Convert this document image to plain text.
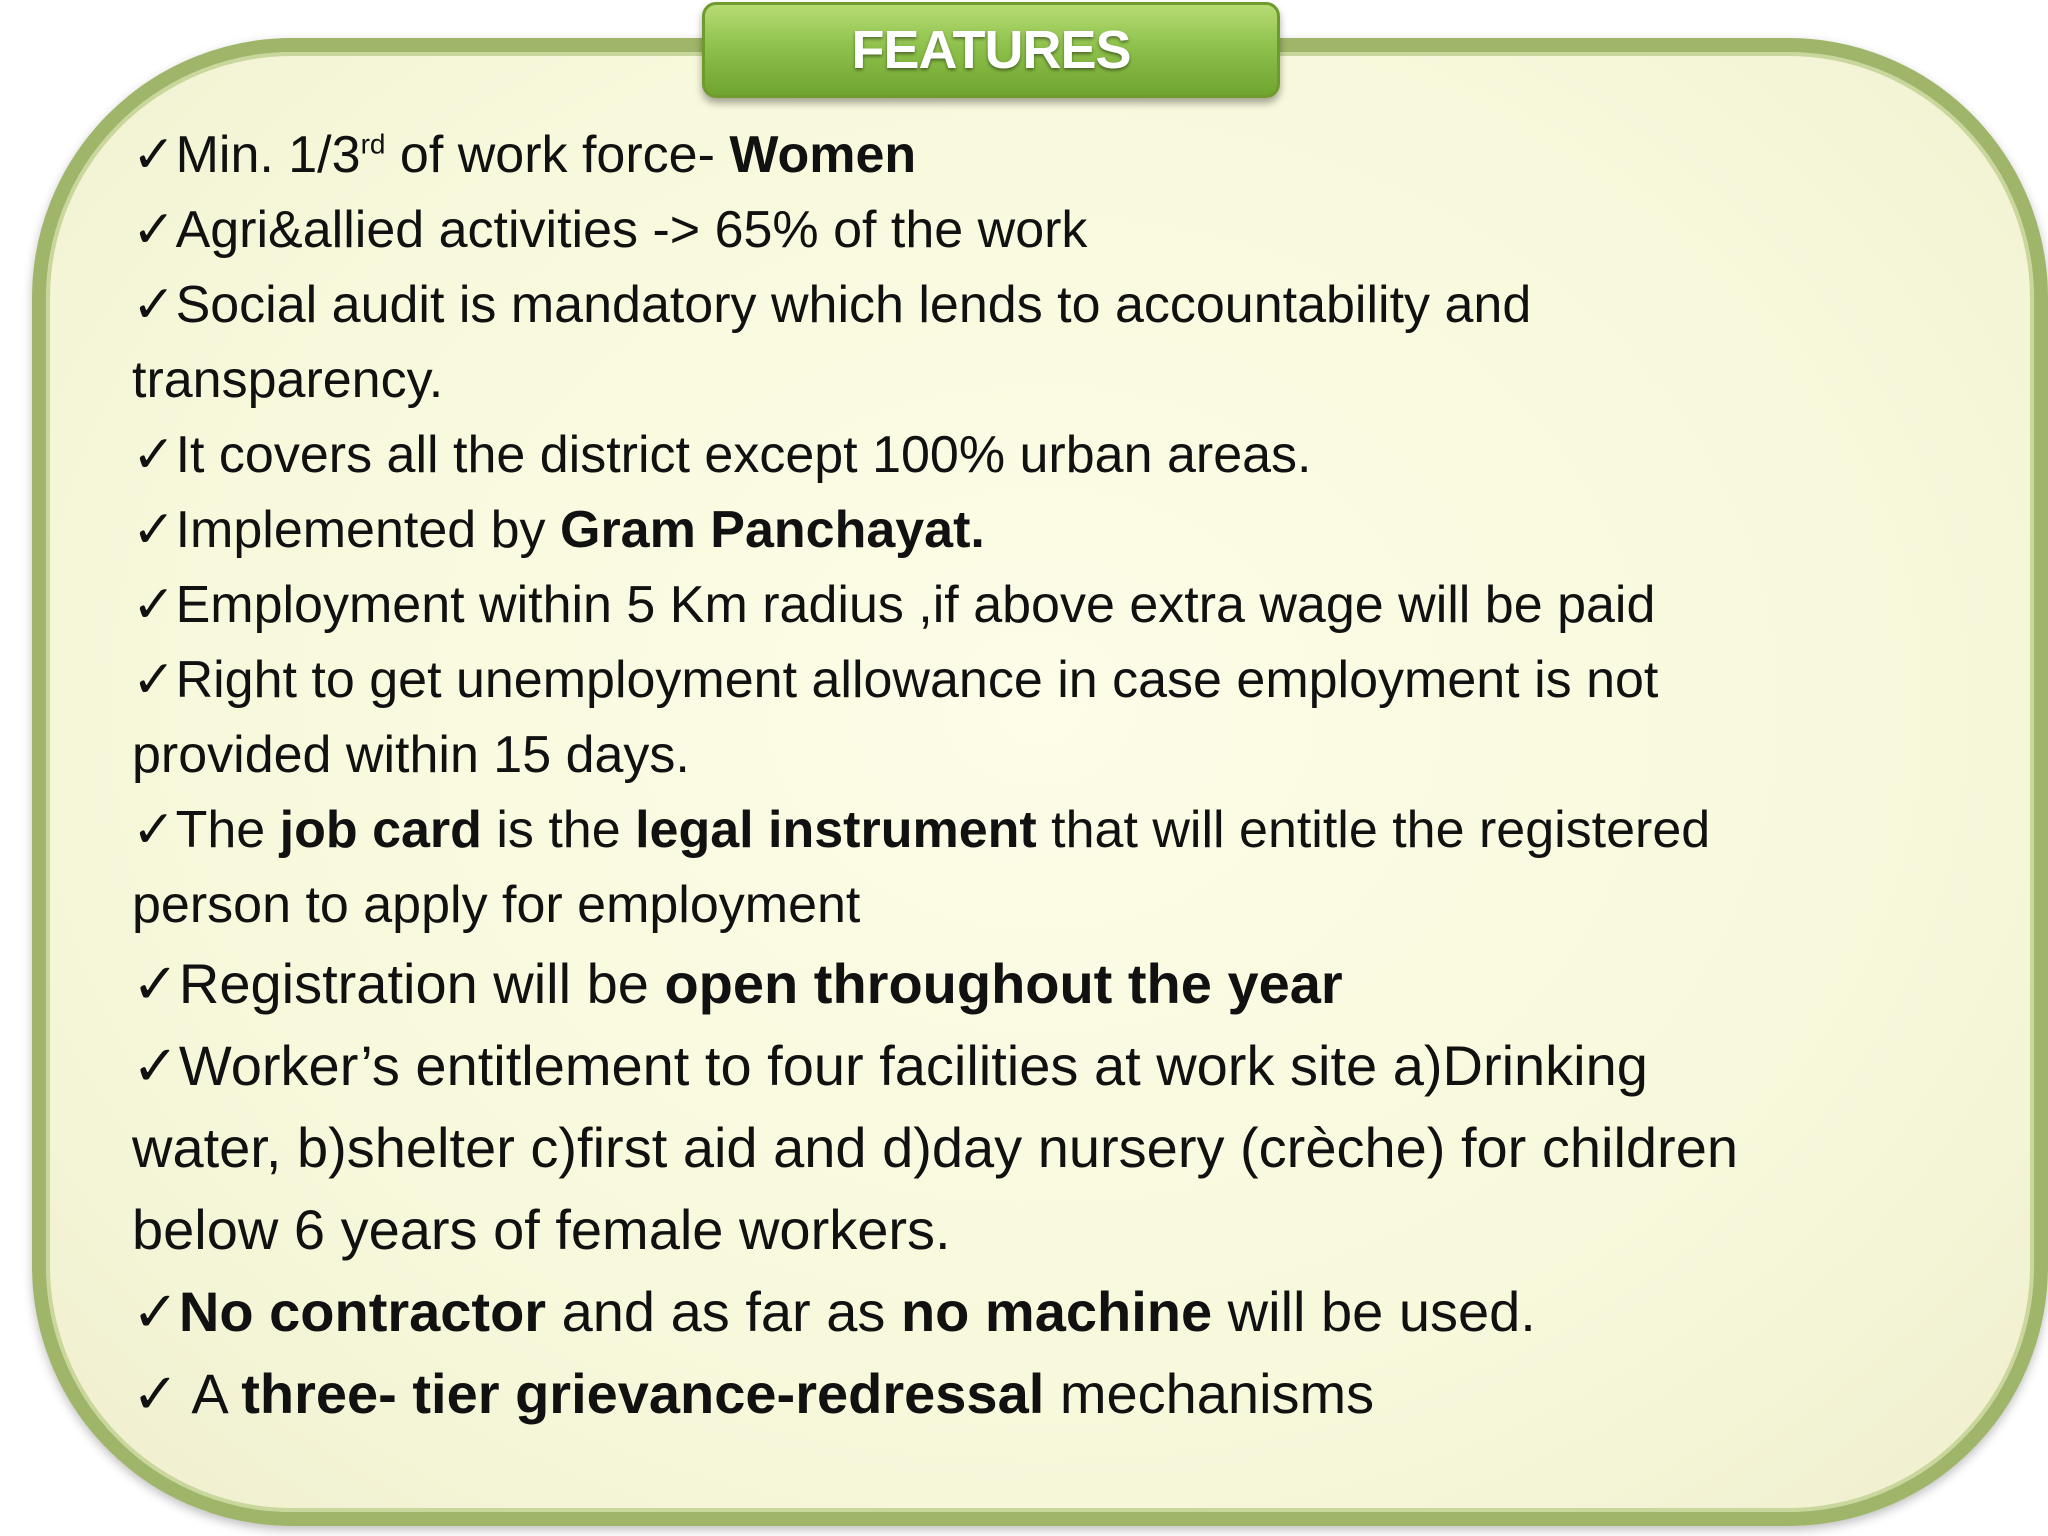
FEATURES
✓Min. 1/3rd of work force- Women
✓Agri&allied activities -> 65% of the work
✓Social audit is mandatory which lends to accountability and
transparency.
✓It covers all the district except 100% urban areas.
✓Implemented by Gram Panchayat.
✓Employment within 5 Km radius ,if above extra wage will be paid
✓Right to get unemployment allowance in case employment is not
provided within 15 days.
✓The job card is the legal instrument that will entitle the registered
person to apply for employment
✓Registration will be open throughout the year
✓Worker’s entitlement to four facilities at work site a)Drinking
water, b)shelter c)first aid and d)day nursery (crèche) for children
below 6 years of female workers.
✓No contractor and as far as no machine will be used.
✓ A three- tier grievance-redressal mechanisms
